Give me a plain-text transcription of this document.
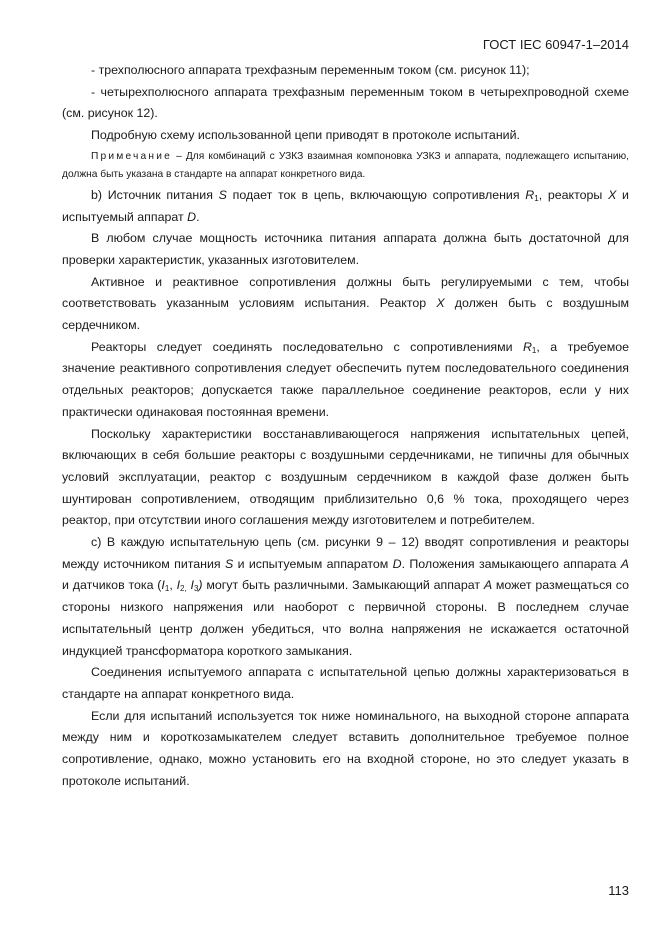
ГОСТ IEC 60947-1–2014

- трехполюсного аппарата трехфазным переменным током (см. рисунок 11);

- четырехполюсного аппарата трехфазным переменным током в четырехпроводной схеме (см. рисунок 12).

Подробную схему использованной цепи приводят в протоколе испытаний.

Примечание – Для комбинаций с УЗКЗ взаимная компоновка УЗКЗ и аппарата, подлежащего испытанию, должна быть указана в стандарте на аппарат конкретного вида.

b) Источник питания S подает ток в цепь, включающую сопротивления $R_1$, реакторы X и испытуемый аппарат D.

В любом случае мощность источника питания аппарата должна быть достаточной для проверки характеристик, указанных изготовителем.

Активное и реактивное сопротивления должны быть регулируемыми с тем, чтобы соответствовать указанным условиям испытания. Реактор X должен быть с воздушным сердечником.

Реакторы следует соединять последовательно с сопротивлениями $R_1$, а требуемое значение реактивного сопротивления следует обеспечить путем последовательного соединения отдельных реакторов; допускается также параллельное соединение реакторов, если у них практически одинаковая постоянная времени.

Поскольку характеристики восстанавливающегося напряжения испытательных цепей, включающих в себя большие реакторы с воздушными сердечниками, не типичны для обычных условий эксплуатации, реактор с воздушным сердечником в каждой фазе должен быть шунтирован сопротивлением, отводящим приблизительно 0,6 % тока, проходящего через реактор, при отсутствии иного соглашения между изготовителем и потребителем.

c) В каждую испытательную цепь (см. рисунки 9 – 12) вводят сопротивления и реакторы между источником питания S и испытуемым аппаратом D. Положения замыкающего аппарата A и датчиков тока ($I_1$, $I_{2,}$ $I_3$) могут быть различными. Замыкающий аппарат A может размещаться со стороны низкого напряжения или наоборот с первичной стороны. В последнем случае испытательный центр должен убедиться, что волна напряжения не искажается остаточной индукцией трансформатора короткого замыкания.

Соединения испытуемого аппарата с испытательной цепью должны характеризоваться в стандарте на аппарат конкретного вида.

Если для испытаний используется ток ниже номинального, на выходной стороне аппарата между ним и короткозамыкателем следует вставить дополнительное требуемое полное сопротивление, однако, можно установить его на входной стороне, но это следует указать в протоколе испытаний.

113
